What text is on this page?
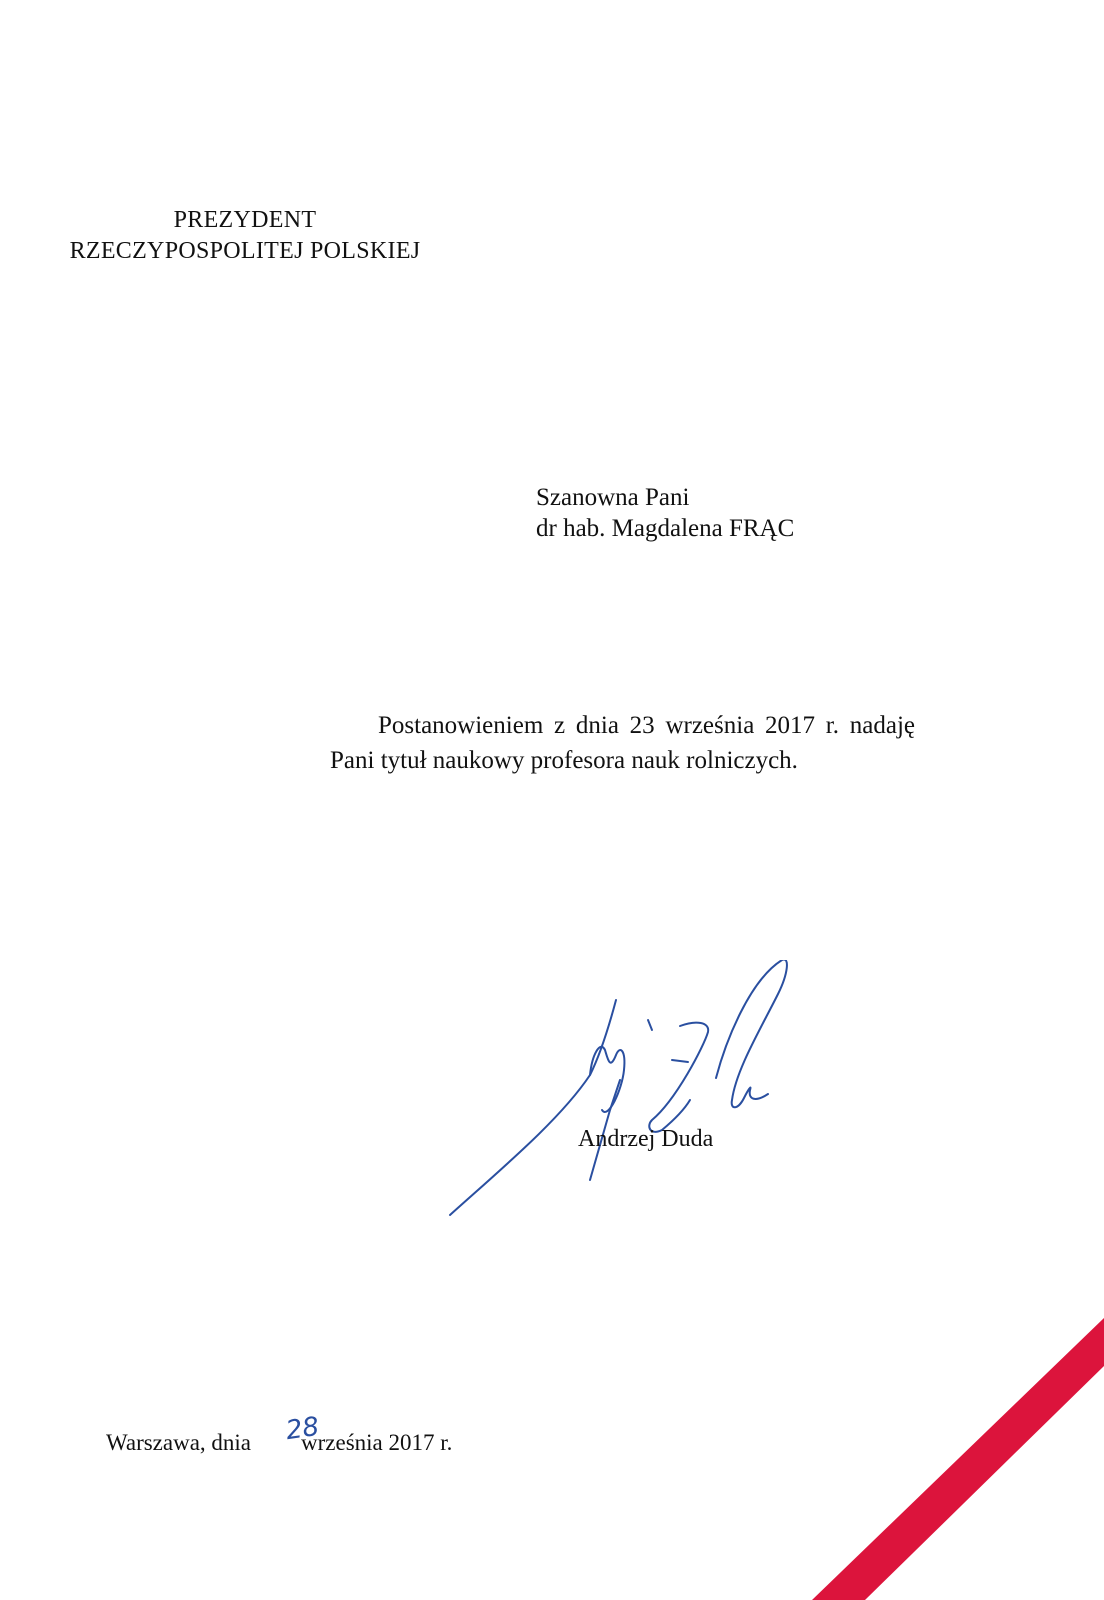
PREZYDENT
RZECZYPOSPOLITEJ POLSKIEJ
Szanowna Pani
dr hab. Magdalena FRĄC
Postanowieniem z dnia 23 września 2017 r. nadaję Pani tytuł naukowy profesora nauk rolniczych.
Andrzej Duda
Warszawa, dnia września 2017 r.
28
